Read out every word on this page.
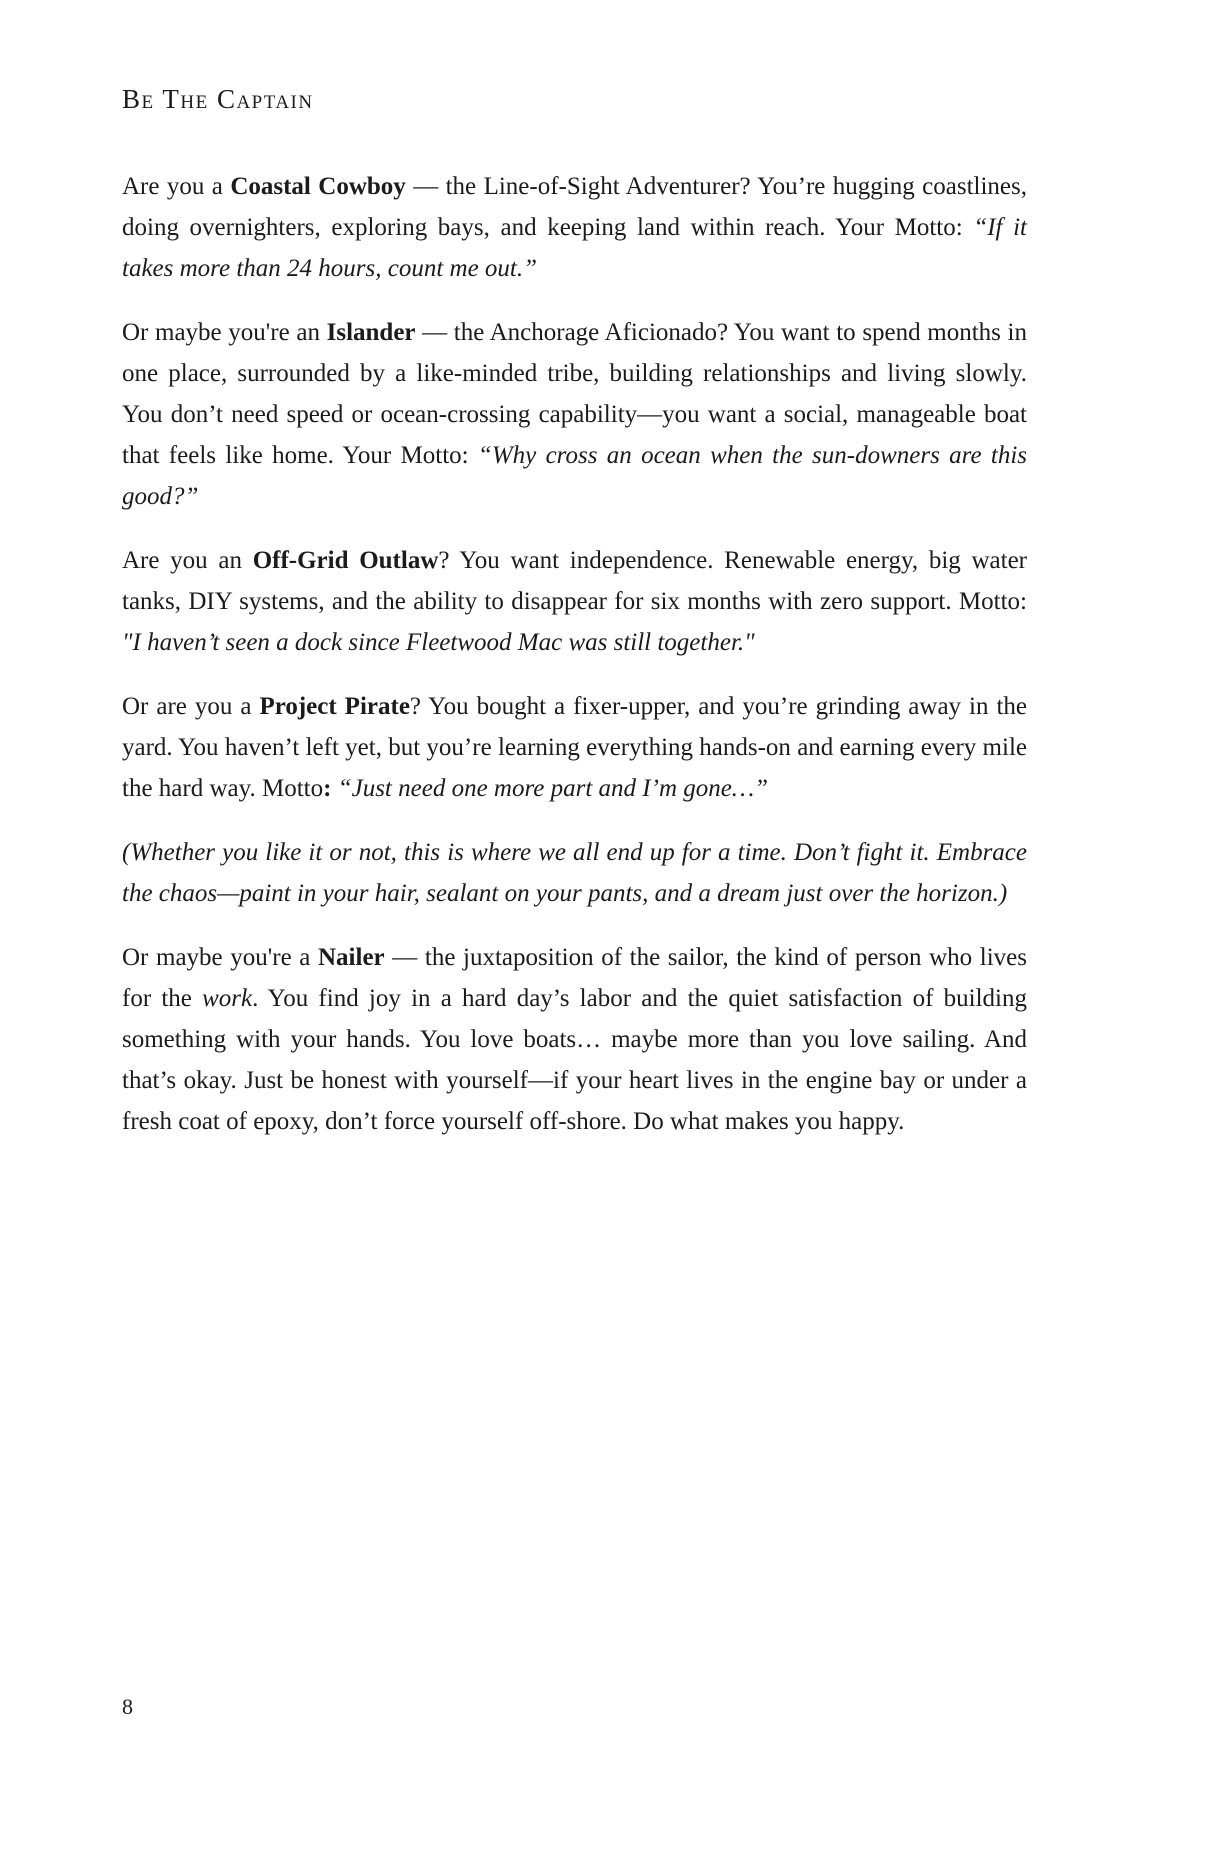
Be The Captain

Are you a Coastal Cowboy — the Line-of-Sight Adventurer? You’re hugging coastlines, doing overnighters, exploring bays, and keeping land within reach. Your Motto: “If it takes more than 24 hours, count me out.”

Or maybe you're an Islander — the Anchorage Aficionado? You want to spend months in one place, surrounded by a like-minded tribe, building relationships and living slowly. You don’t need speed or ocean-crossing capability—you want a social, manageable boat that feels like home. Your Motto: “Why cross an ocean when the sun-downers are this good?”

Are you an Off-Grid Outlaw? You want independence. Renewable energy, big water tanks, DIY systems, and the ability to disappear for six months with zero support. Motto: "I haven’t seen a dock since Fleetwood Mac was still together."

Or are you a Project Pirate? You bought a fixer-upper, and you’re grinding away in the yard. You haven’t left yet, but you’re learning everything hands-on and earning every mile the hard way. Motto: “Just need one more part and I’m gone…”

(Whether you like it or not, this is where we all end up for a time. Don’t fight it. Embrace the chaos—paint in your hair, sealant on your pants, and a dream just over the horizon.)

Or maybe you're a Nailer — the juxtaposition of the sailor, the kind of person who lives for the work. You find joy in a hard day’s labor and the quiet satisfaction of building something with your hands. You love boats… maybe more than you love sailing. And that’s okay. Just be honest with yourself—if your heart lives in the engine bay or under a fresh coat of epoxy, don’t force yourself off-shore. Do what makes you happy.

8
